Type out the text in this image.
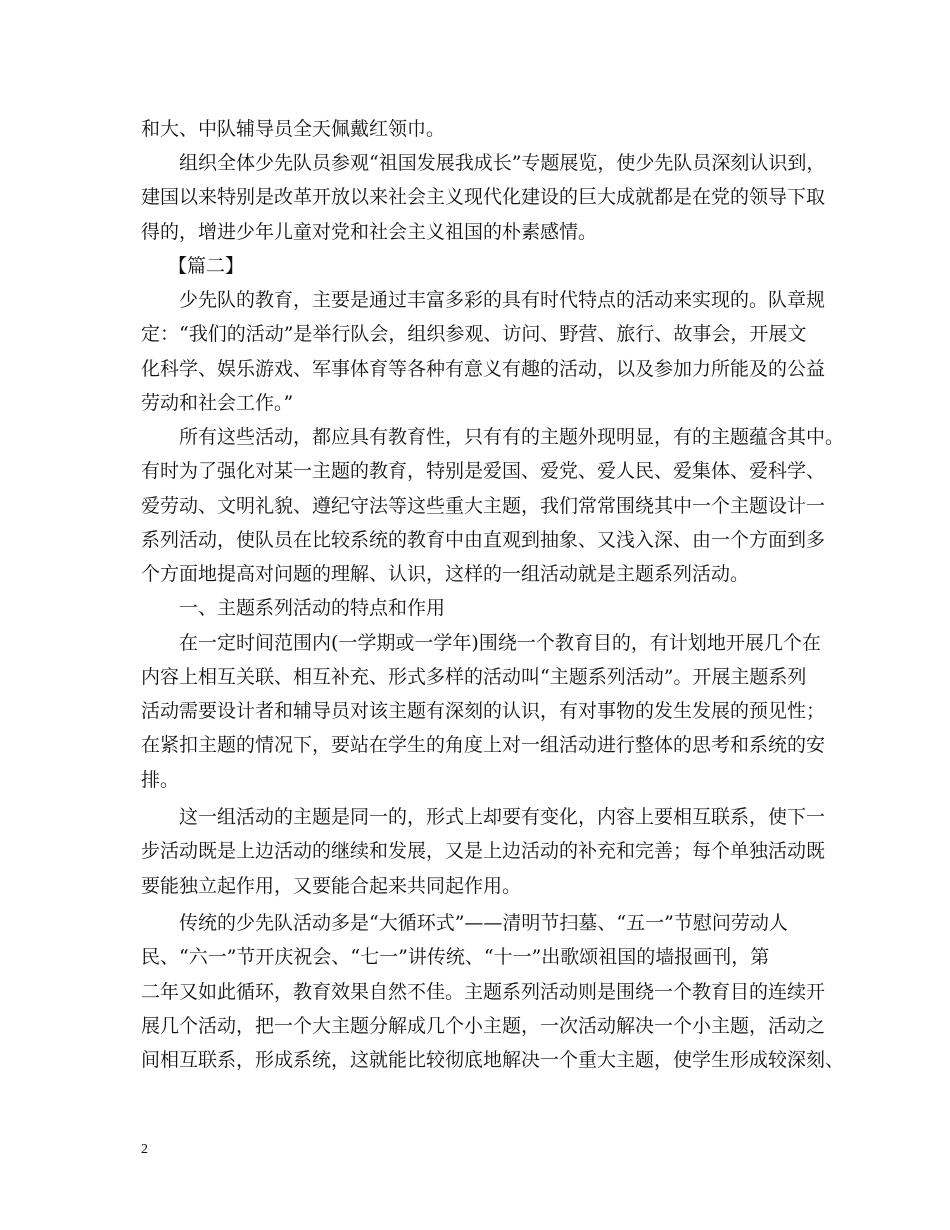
和大、中队辅导员全天佩戴红领巾。
组织全体少先队员参观“祖国发展我成长”专题展览，使少先队员深刻认识到，
建国以来特别是改革开放以来社会主义现代化建设的巨大成就都是在党的领导下取
得的，增进少年儿童对党和社会主义祖国的朴素感情。
【篇二】
少先队的教育，主要是通过丰富多彩的具有时代特点的活动来实现的。队章规
定：“我们的活动”是举行队会，组织参观、访问、野营、旅行、故事会，开展文
化科学、娱乐游戏、军事体育等各种有意义有趣的活动，以及参加力所能及的公益
劳动和社会工作。”
所有这些活动，都应具有教育性，只有有的主题外现明显，有的主题蕴含其中。
有时为了强化对某一主题的教育，特别是爱国、爱党、爱人民、爱集体、爱科学、
爱劳动、文明礼貌、遵纪守法等这些重大主题，我们常常围绕其中一个主题设计一
系列活动，使队员在比较系统的教育中由直观到抽象、又浅入深、由一个方面到多
个方面地提高对问题的理解、认识，这样的一组活动就是主题系列活动。
一、主题系列活动的特点和作用
在一定时间范围内(一学期或一学年)围绕一个教育目的，有计划地开展几个在
内容上相互关联、相互补充、形式多样的活动叫“主题系列活动”。开展主题系列
活动需要设计者和辅导员对该主题有深刻的认识，有对事物的发生发展的预见性；
在紧扣主题的情况下，要站在学生的角度上对一组活动进行整体的思考和系统的安
排。
这一组活动的主题是同一的，形式上却要有变化，内容上要相互联系，使下一
步活动既是上边活动的继续和发展，又是上边活动的补充和完善；每个单独活动既
要能独立起作用，又要能合起来共同起作用。
传统的少先队活动多是“大循环式”——清明节扫墓、“五一”节慰问劳动人
民、“六一”节开庆祝会、“七一”讲传统、“十一”出歌颂祖国的墙报画刊，第
二年又如此循环，教育效果自然不佳。主题系列活动则是围绕一个教育目的连续开
展几个活动，把一个大主题分解成几个小主题，一次活动解决一个小主题，活动之
间相互联系，形成系统，这就能比较彻底地解决一个重大主题，使学生形成较深刻、
2
